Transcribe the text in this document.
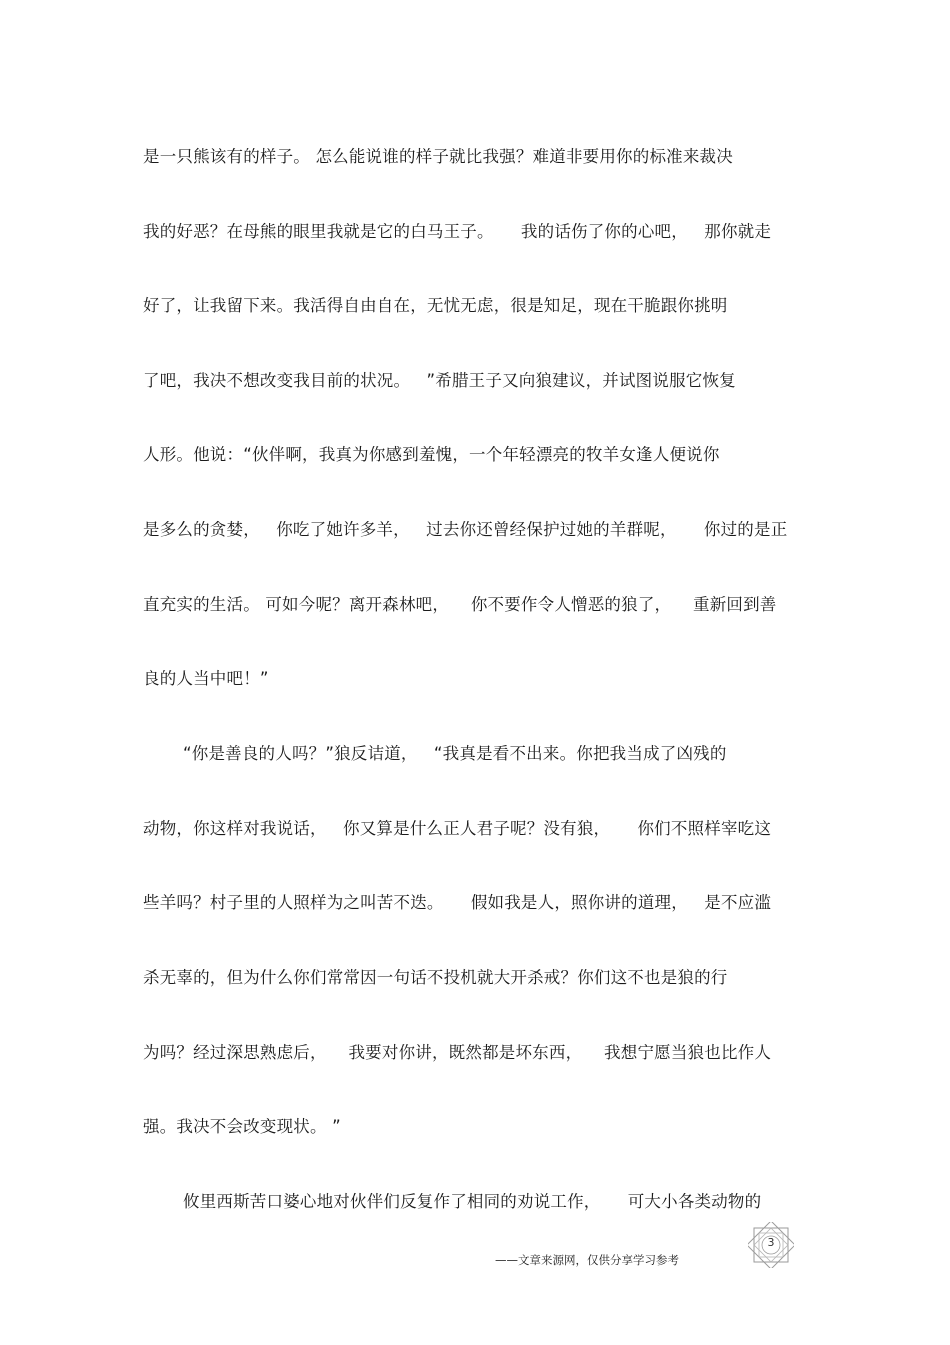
是一只熊该有的样子。 怎么能说谁的样子就比我强？难道非要用你的标准来裁决
我的好恶？在母熊的眼里我就是它的白马王子。     我的话伤了你的心吧，   那你就走
好了，让我留下来。我活得自由自在，无忧无虑，很是知足，现在干脆跟你挑明
了吧，我决不想改变我目前的状况。   ”希腊王子又向狼建议，并试图说服它恢复
人形。他说：“伙伴啊，我真为你感到羞愧，一个年轻漂亮的牧羊女逢人便说你
是多么的贪婪，   你吃了她许多羊，   过去你还曾经保护过她的羊群呢，     你过的是正
直充实的生活。 可如今呢？离开森林吧，    你不要作令人憎恶的狼了，    重新回到善
良的人当中吧！”
“你是善良的人吗？”狼反诘道，   “我真是看不出来。你把我当成了凶残的
动物，你这样对我说话，   你又算是什么正人君子呢？没有狼，     你们不照样宰吃这
些羊吗？村子里的人照样为之叫苦不迭。     假如我是人，照你讲的道理，   是不应滥
杀无辜的，但为什么你们常常因一句话不投机就大开杀戒？你们这不也是狼的行
为吗？经过深思熟虑后，    我要对你讲，既然都是坏东西，    我想宁愿当狼也比作人
强。我决不会改变现状。 ”
攸里西斯苦口婆心地对伙伴们反复作了相同的劝说工作，     可大小各类动物的
——文章来源网，仅供分享学习参考
3
